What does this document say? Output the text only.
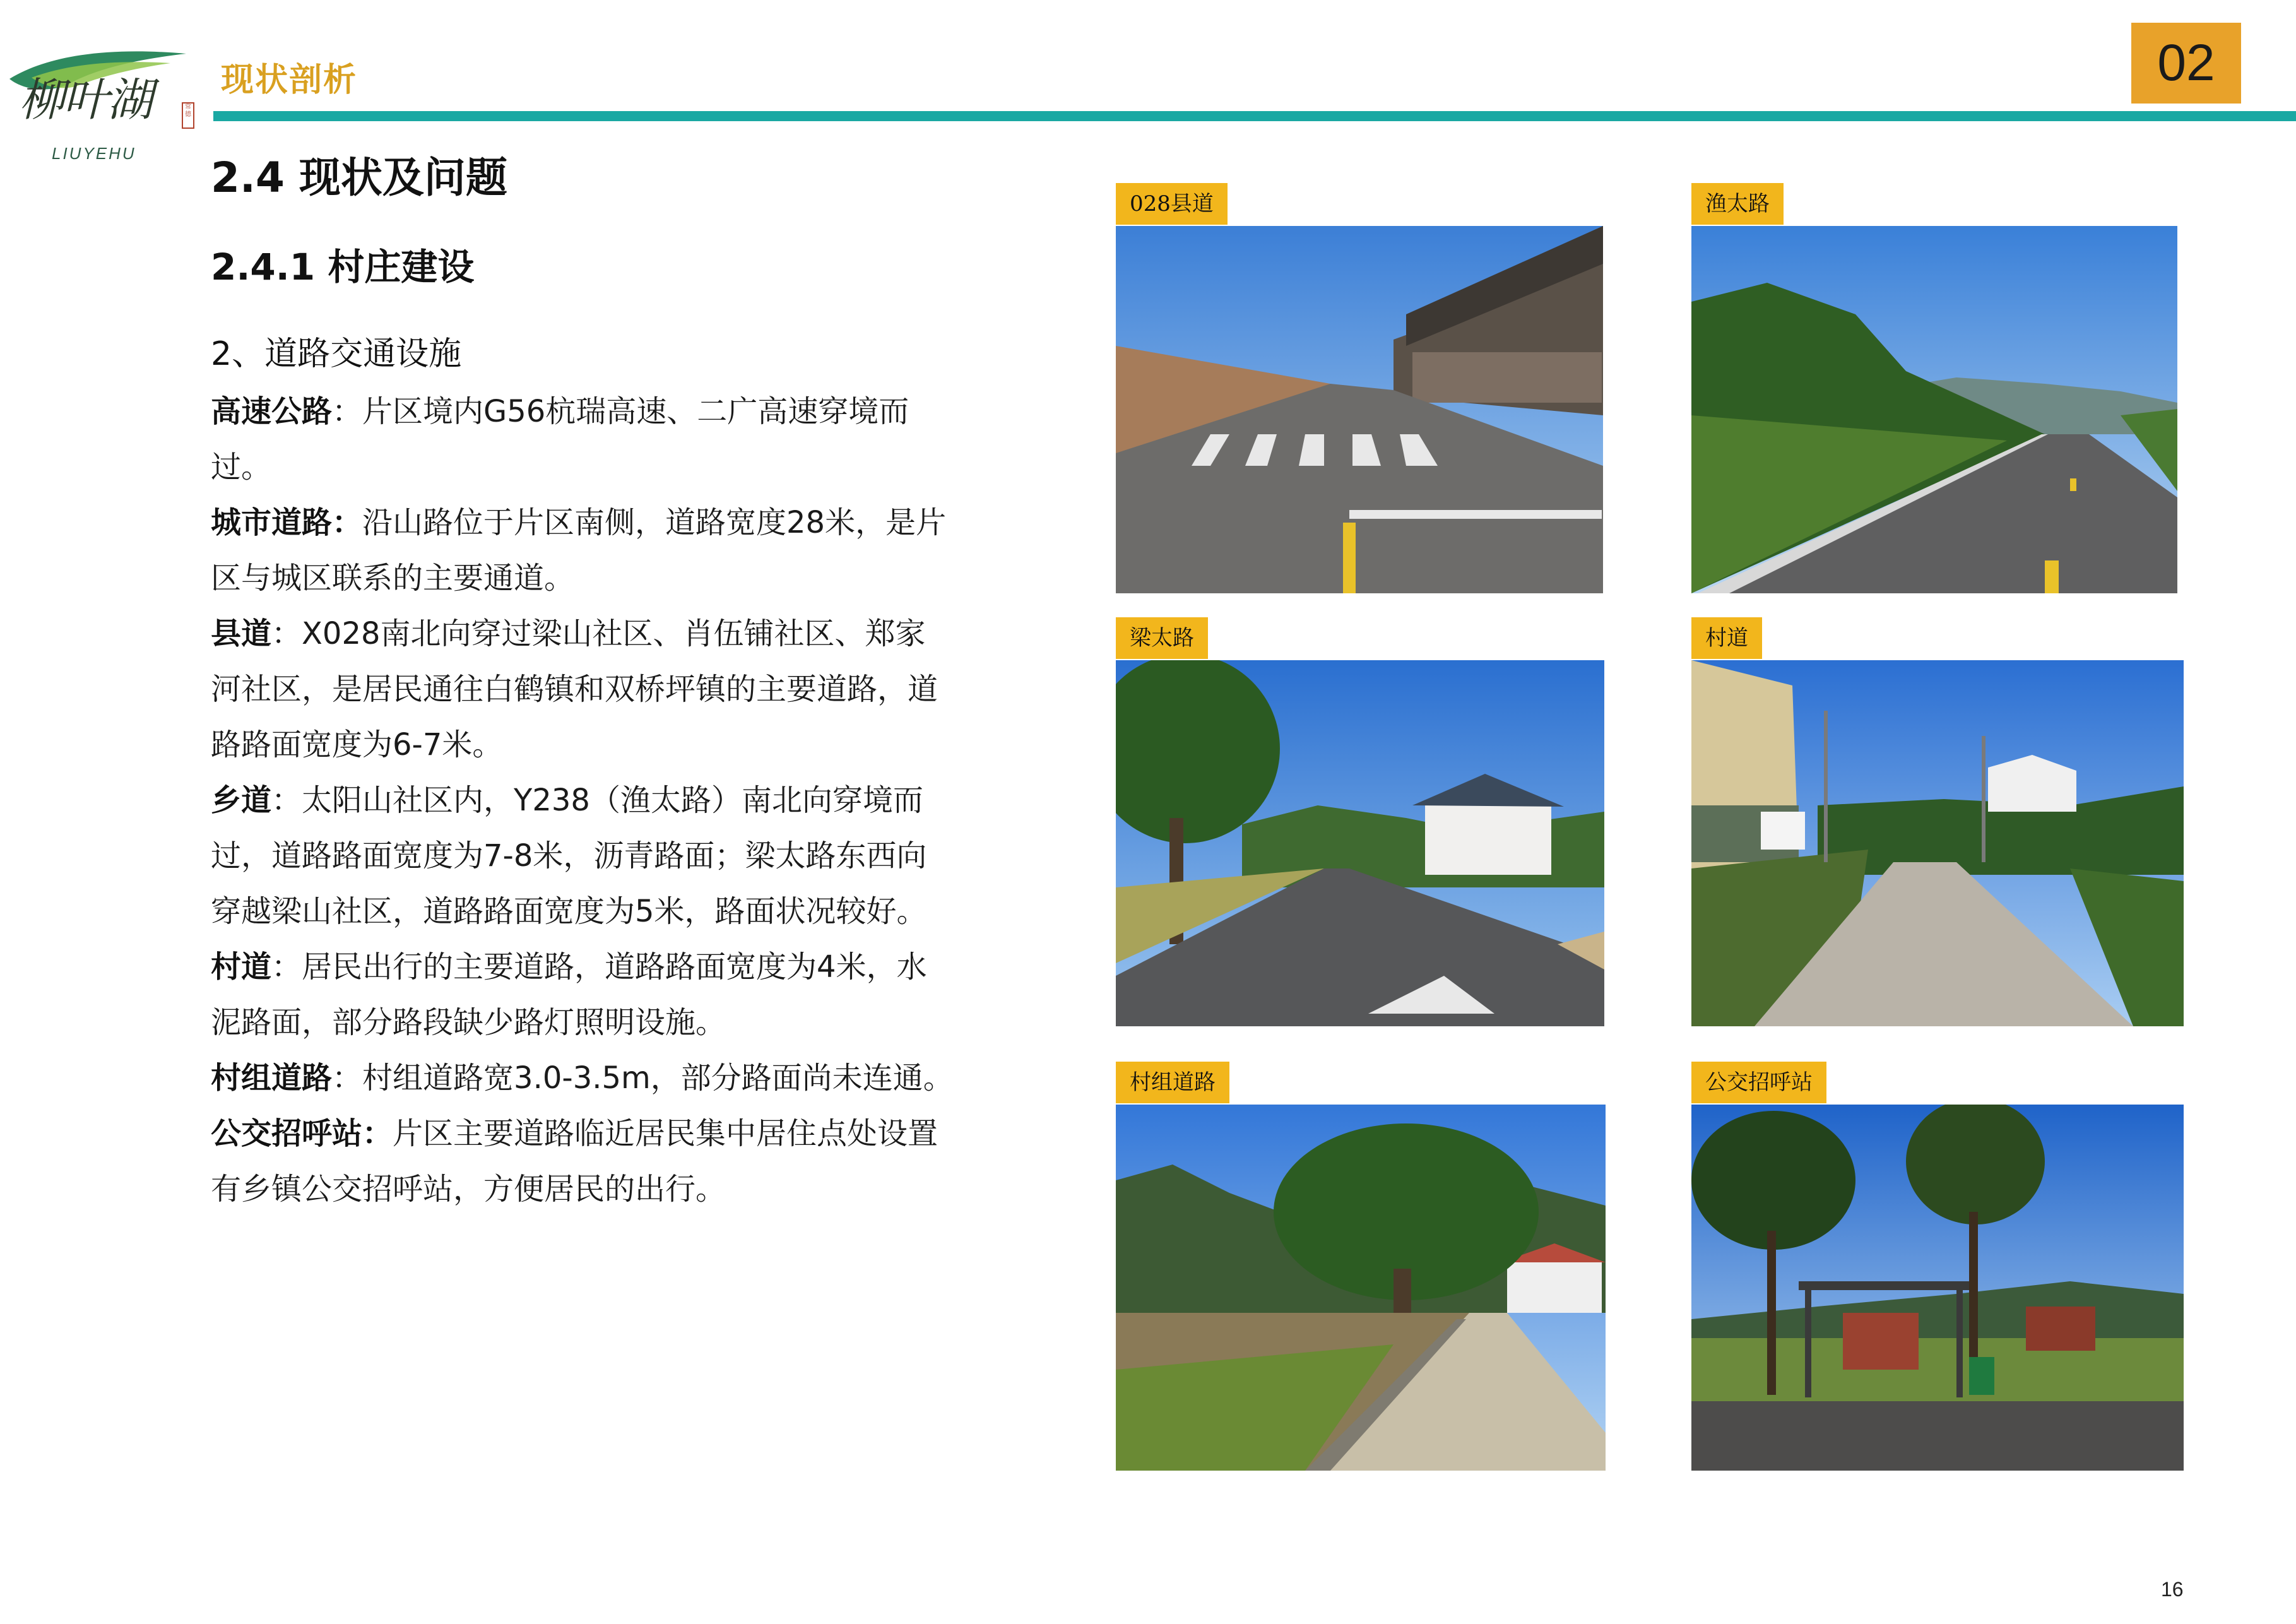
柳叶湖	常德
LIUYEHU
现状剖析	02
2.4 现状及问题
2.4.1 村庄建设
2、道路交通设施

高速公路：片区境内G56杭瑞高速、二广高速穿境而过。

城市道路：沿山路位于片区南侧，道路宽度28米，是片区与城区联系的主要通道。

县道：X028南北向穿过梁山社区、肖伍铺社区、郑家河社区，是居民通往白鹤镇和双桥坪镇的主要道路，道路路面宽度为6-7米。

乡道：太阳山社区内，Y238（渔太路）南北向穿境而过，道路路面宽度为7-8米，沥青路面；梁太路东西向穿越梁山社区，道路路面宽度为5米，路面状况较好。

村道：居民出行的主要道路，道路路面宽度为4米，水泥路面，部分路段缺少路灯照明设施。

村组道路：村组道路宽3.0-3.5m，部分路面尚未连通。

公交招呼站：片区主要道路临近居民集中居住点处设置有乡镇公交招呼站，方便居民的出行。

028县道	渔太路
梁太路	村道
村组道路	公交招呼站
16
